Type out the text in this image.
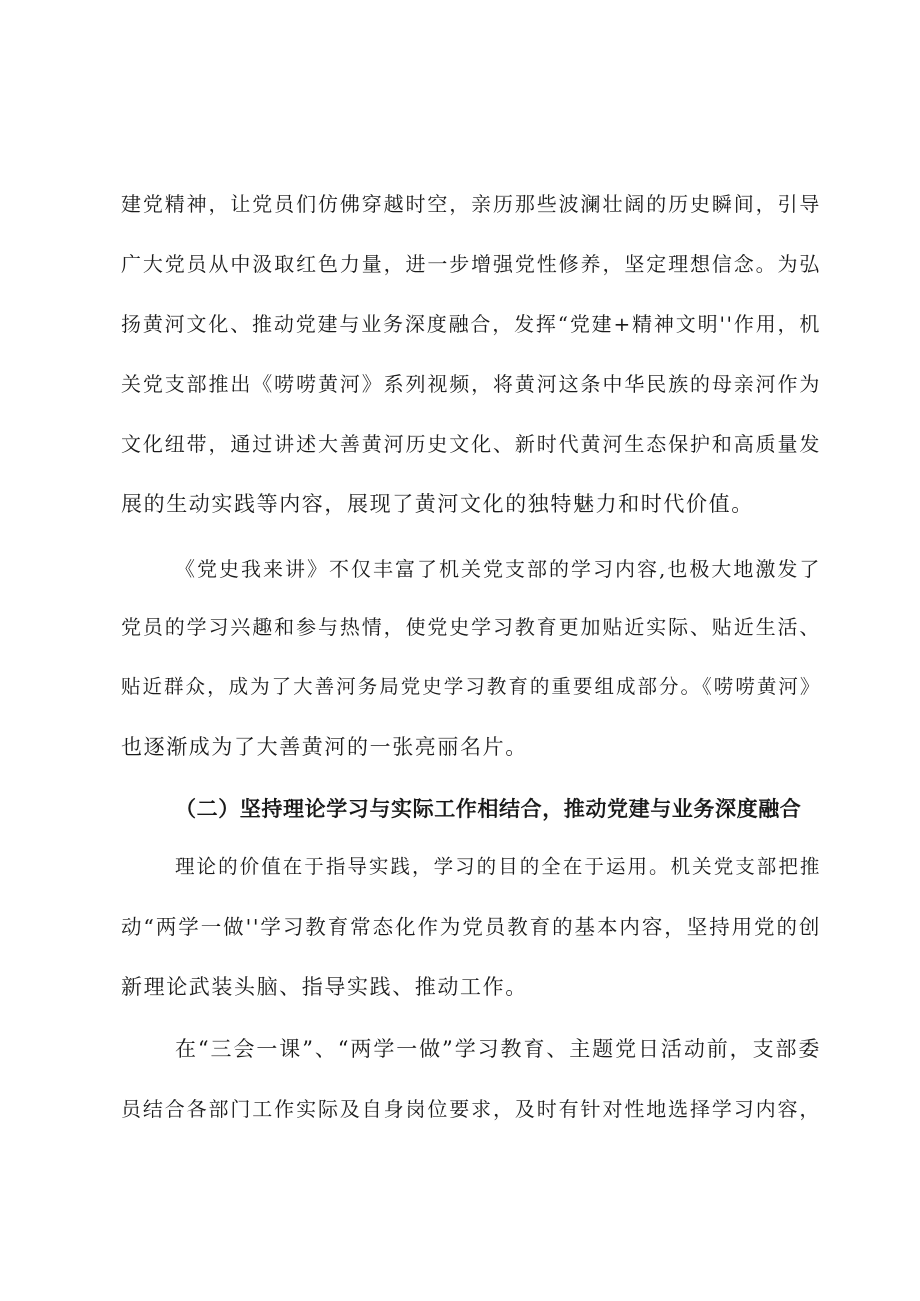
建党精神，让党员们仿佛穿越时空，亲历那些波澜壮阔的历史瞬间，引导
广大党员从中汲取红色力量，进一步增强党性修养，坚定理想信念。为弘
扬黄河文化、推动党建与业务深度融合，发挥“党建+精神文明''作用，机
关党支部推出《唠唠黄河》系列视频，将黄河这条中华民族的母亲河作为
文化纽带，通过讲述大善黄河历史文化、新时代黄河生态保护和高质量发
展的生动实践等内容，展现了黄河文化的独特魅力和时代价值。
《党史我来讲》不仅丰富了机关党支部的学习内容,也极大地激发了
党员的学习兴趣和参与热情，使党史学习教育更加贴近实际、贴近生活、
贴近群众，成为了大善河务局党史学习教育的重要组成部分。《唠唠黄河》
也逐渐成为了大善黄河的一张亮丽名片。
（二）坚持理论学习与实际工作相结合，推动党建与业务深度融合
理论的价值在于指导实践，学习的目的全在于运用。机关党支部把推
动“两学一做''学习教育常态化作为党员教育的基本内容，坚持用党的创
新理论武装头脑、指导实践、推动工作。
在“三会一课”、“两学一做”学习教育、主题党日活动前，支部委
员结合各部门工作实际及自身岗位要求，及时有针对性地选择学习内容，
